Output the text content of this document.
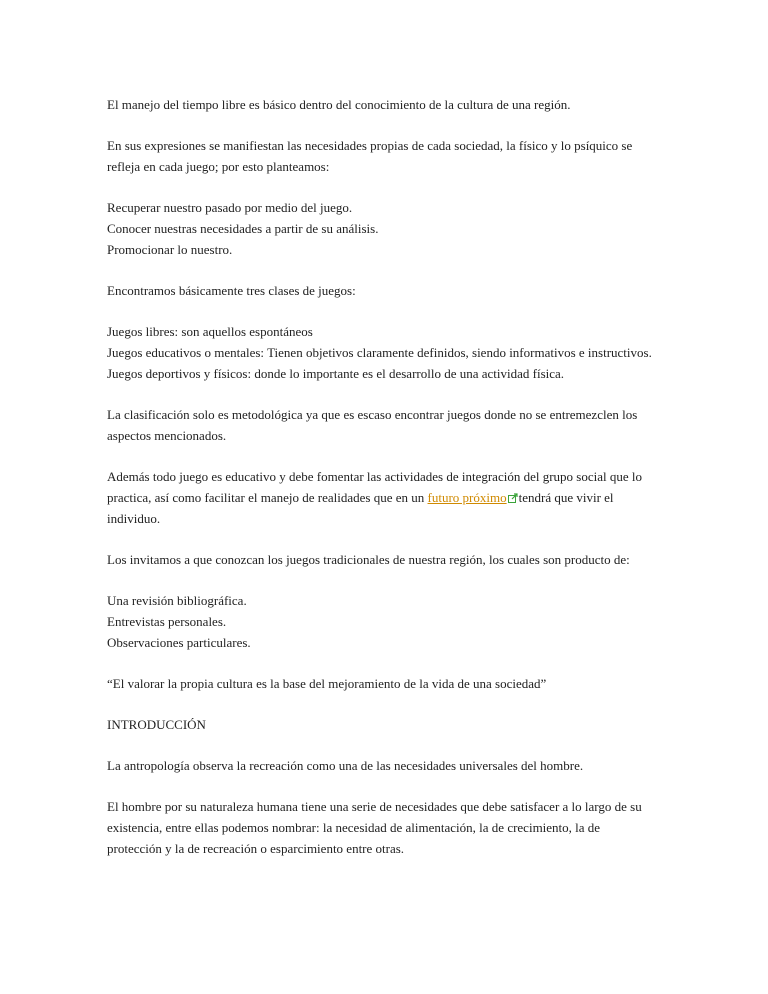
El manejo del tiempo libre es básico dentro del conocimiento de la cultura de una región.

En sus expresiones se manifiestan las necesidades propias de cada sociedad, la físico y lo psíquico se
refleja en cada juego; por esto planteamos:

Recuperar nuestro pasado por medio del juego.
Conocer nuestras necesidades a partir de su análisis.
Promocionar lo nuestro.

Encontramos básicamente tres clases de juegos:

Juegos libres: son aquellos espontáneos
Juegos educativos o mentales: Tienen objetivos claramente definidos, siendo informativos e instructivos.
Juegos deportivos y físicos: donde lo importante es el desarrollo de una actividad física.

La clasificación solo es metodológica ya que es escaso encontrar juegos donde no se entremezclen los
aspectos mencionados.

Además todo juego es educativo y debe fomentar las actividades de integración del grupo social que lo
practica, así como facilitar el manejo de realidades que en un futuro próximo tendrá que vivir el
individuo.

Los invitamos a que conozcan los juegos tradicionales de nuestra región, los cuales son producto de:

Una revisión bibliográfica.
Entrevistas personales.
Observaciones particulares.

“El valorar la propia cultura es la base del mejoramiento de la vida de una sociedad”

INTRODUCCIÓN

La antropología observa la recreación como una de las necesidades universales del hombre.

El hombre por su naturaleza humana tiene una serie de necesidades que debe satisfacer a lo largo de su
existencia, entre ellas podemos nombrar: la necesidad de alimentación, la de crecimiento, la de
protección y la de recreación o esparcimiento entre otras.
